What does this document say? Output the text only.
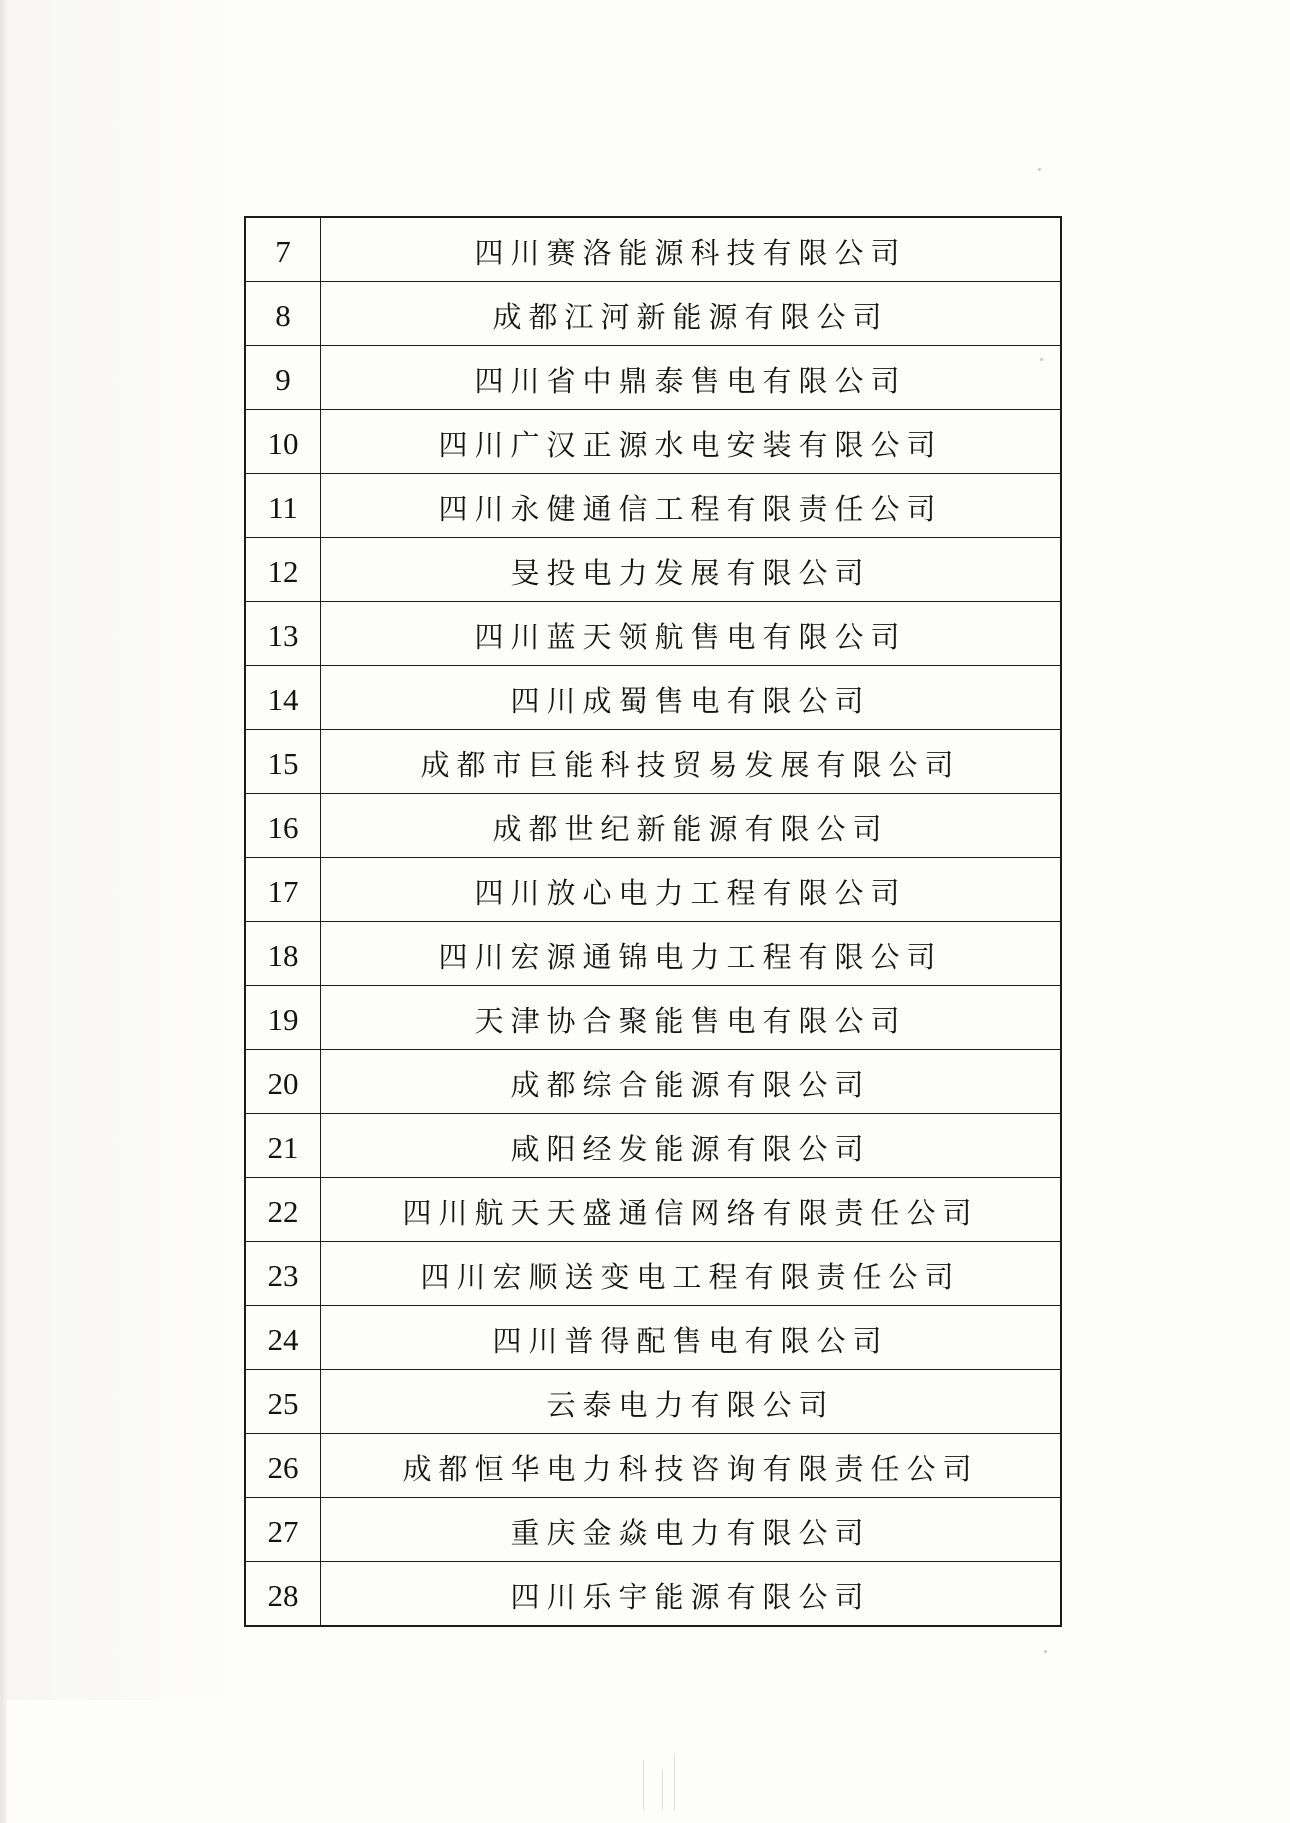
7	四川赛洛能源科技有限公司
8	成都江河新能源有限公司
9	四川省中鼎泰售电有限公司
10	四川广汉正源水电安装有限公司
11	四川永健通信工程有限责任公司
12	旻投电力发展有限公司
13	四川蓝天领航售电有限公司
14	四川成蜀售电有限公司
15	成都市巨能科技贸易发展有限公司
16	成都世纪新能源有限公司
17	四川放心电力工程有限公司
18	四川宏源通锦电力工程有限公司
19	天津协合聚能售电有限公司
20	成都综合能源有限公司
21	咸阳经发能源有限公司
22	四川航天天盛通信网络有限责任公司
23	四川宏顺送变电工程有限责任公司
24	四川普得配售电有限公司
25	云泰电力有限公司
26	成都恒华电力科技咨询有限责任公司
27	重庆金焱电力有限公司
28	四川乐宇能源有限公司
